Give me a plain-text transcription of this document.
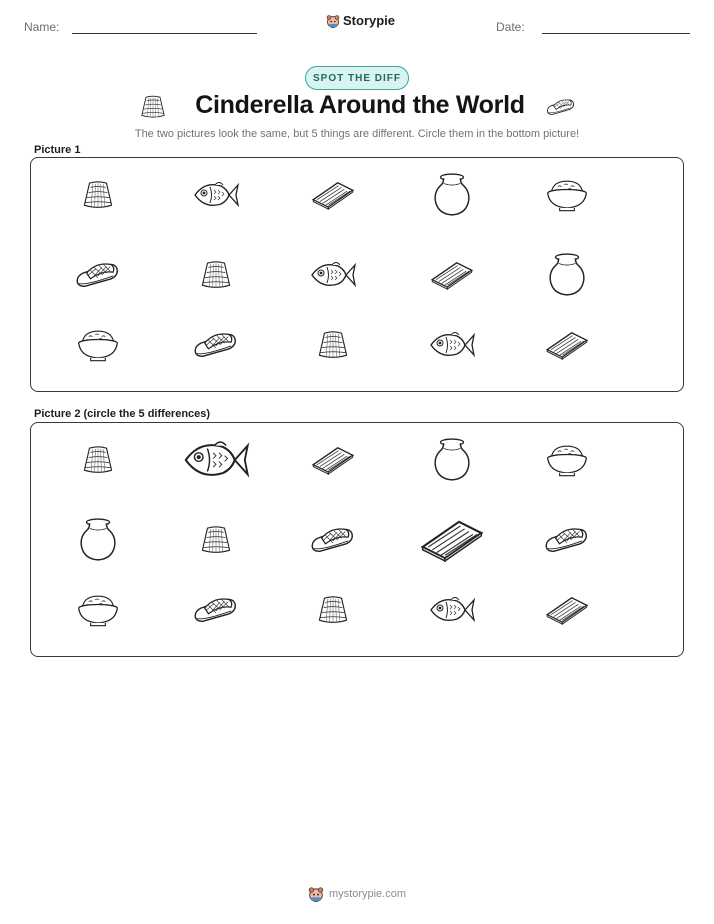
Name:	Storypie	Date:
SPOT THE DIFF
Cinderella Around the World
The two pictures look the same, but 5 things are different. Circle them in the bottom picture!
Picture 1
Picture 2 (circle the 5 differences)
mystorypie.com
